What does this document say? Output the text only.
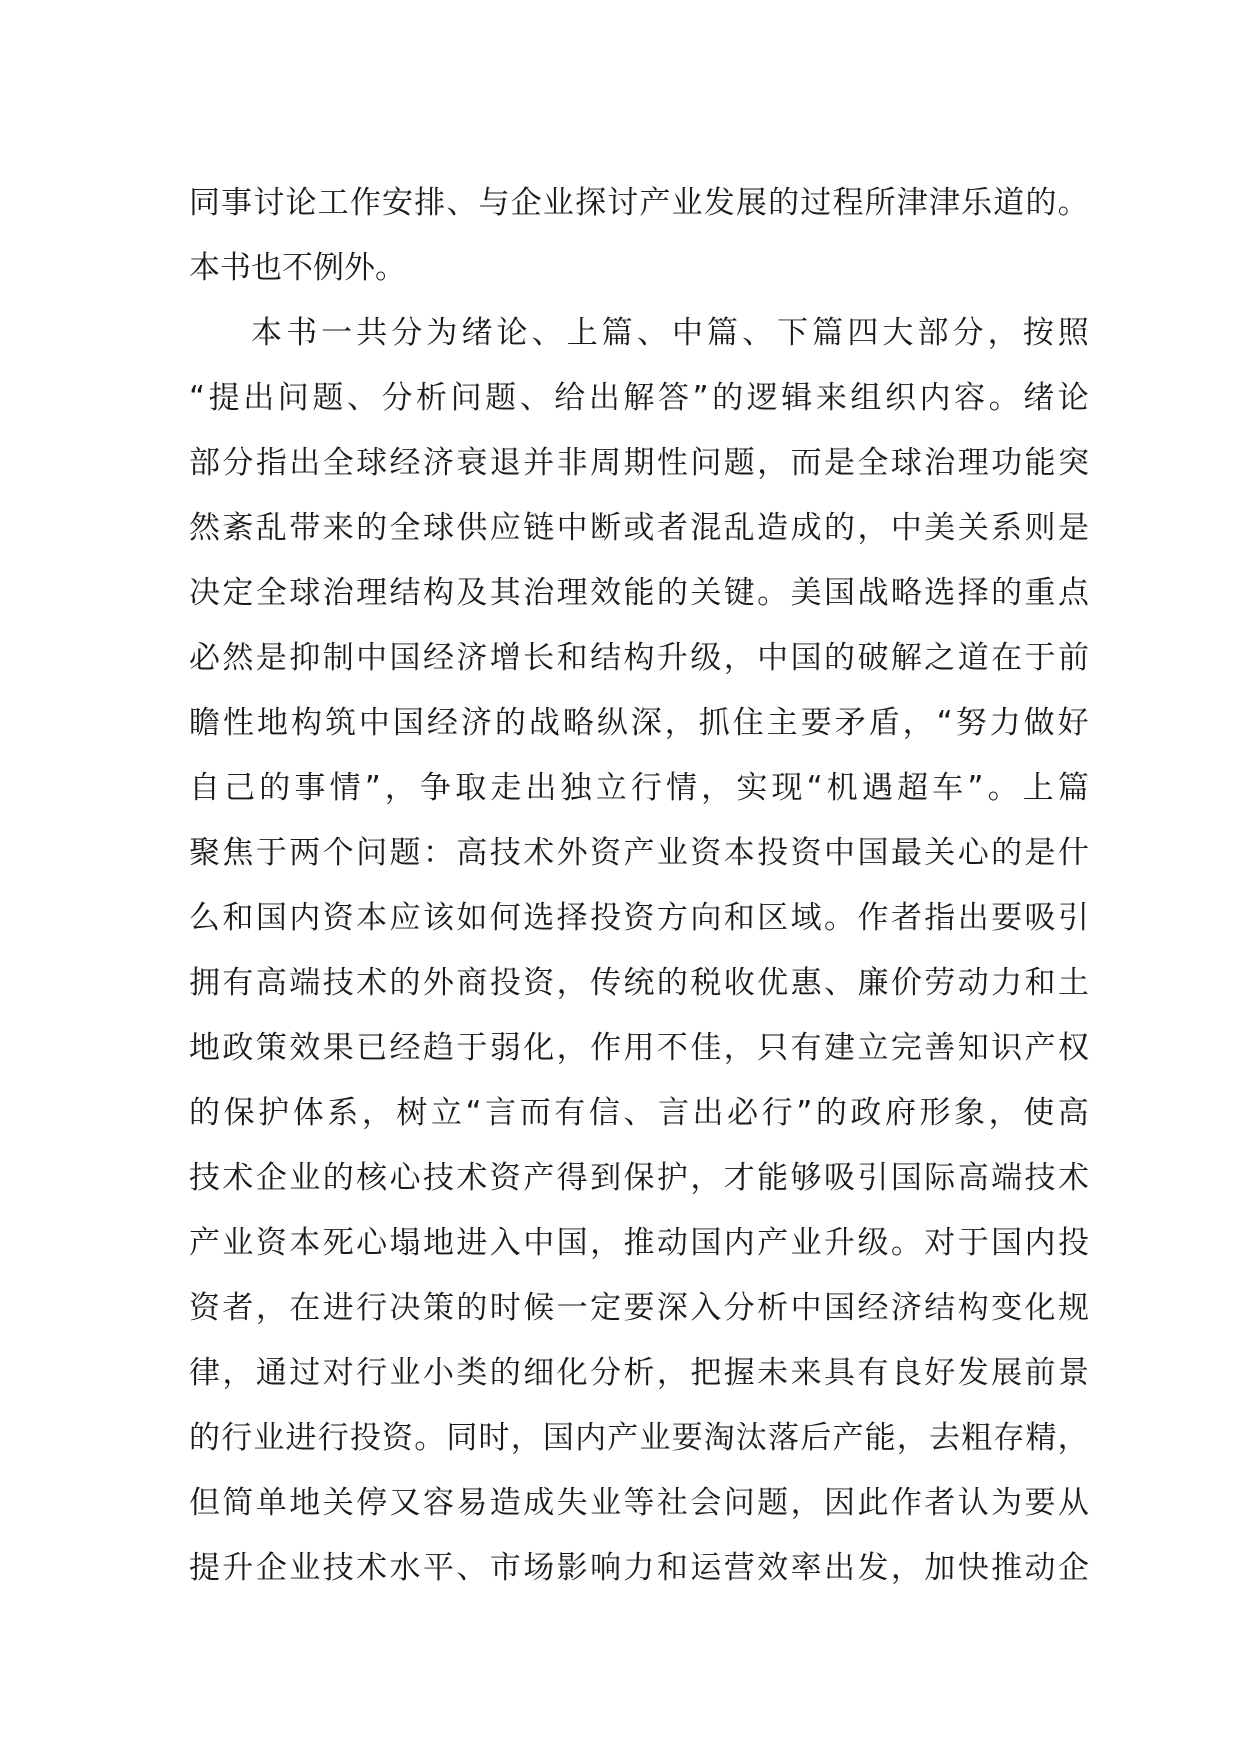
同 事 讨 论 工 作 安 排 、 与 企 业 探 讨 产 业 发 展 的 过 程 所 津 津 乐 道 的 。
本书也不例外。
本 书 一 共 分 为 绪 论 、 上 篇 、 中 篇 、 下 篇 四 大 部 分 ， 按 照
“ 提 出 问 题 、 分 析 问 题 、 给 出 解 答 ” 的 逻 辑 来 组 织 内 容 。 绪 论
部 分 指 出 全 球 经 济 衰 退 并 非 周 期 性 问 题 ， 而 是 全 球 治 理 功 能 突
然 紊 乱 带 来 的 全 球 供 应 链 中 断 或 者 混 乱 造 成 的 ， 中 美 关 系 则 是
决 定 全 球 治 理 结 构 及 其 治 理 效 能 的 关 键 。 美 国 战 略 选 择 的 重 点
必 然 是 抑 制 中 国 经 济 增 长 和 结 构 升 级 ， 中 国 的 破 解 之 道 在 于 前
瞻 性 地 构 筑 中 国 经 济 的 战 略 纵 深 ， 抓 住 主 要 矛 盾 ， “ 努 力 做 好
自 己 的 事 情 ” ， 争 取 走 出 独 立 行 情 ， 实 现 “ 机 遇 超 车 ” 。 上 篇
聚 焦 于 两 个 问 题 ： 高 技 术 外 资 产 业 资 本 投 资 中 国 最 关 心 的 是 什
么 和 国 内 资 本 应 该 如 何 选 择 投 资 方 向 和 区 域 。 作 者 指 出 要 吸 引
拥 有 高 端 技 术 的 外 商 投 资 ， 传 统 的 税 收 优 惠 、 廉 价 劳 动 力 和 土
地 政 策 效 果 已 经 趋 于 弱 化 ， 作 用 不 佳 ， 只 有 建 立 完 善 知 识 产 权
的 保 护 体 系 ， 树 立 “ 言 而 有 信 、 言 出 必 行 ” 的 政 府 形 象 ， 使 高
技 术 企 业 的 核 心 技 术 资 产 得 到 保 护 ， 才 能 够 吸 引 国 际 高 端 技 术
产 业 资 本 死 心 塌 地 进 入 中 国 ， 推 动 国 内 产 业 升 级 。 对 于 国 内 投
资 者 ， 在 进 行 决 策 的 时 候 一 定 要 深 入 分 析 中 国 经 济 结 构 变 化 规
律 ， 通 过 对 行 业 小 类 的 细 化 分 析 ， 把 握 未 来 具 有 良 好 发 展 前 景
的 行 业 进 行 投 资 。 同 时 ， 国 内 产 业 要 淘 汰 落 后 产 能 ， 去 粗 存 精 ，
但 简 单 地 关 停 又 容 易 造 成 失 业 等 社 会 问 题 ， 因 此 作 者 认 为 要 从
提 升 企 业 技 术 水 平 、 市 场 影 响 力 和 运 营 效 率 出 发 ， 加 快 推 动 企
